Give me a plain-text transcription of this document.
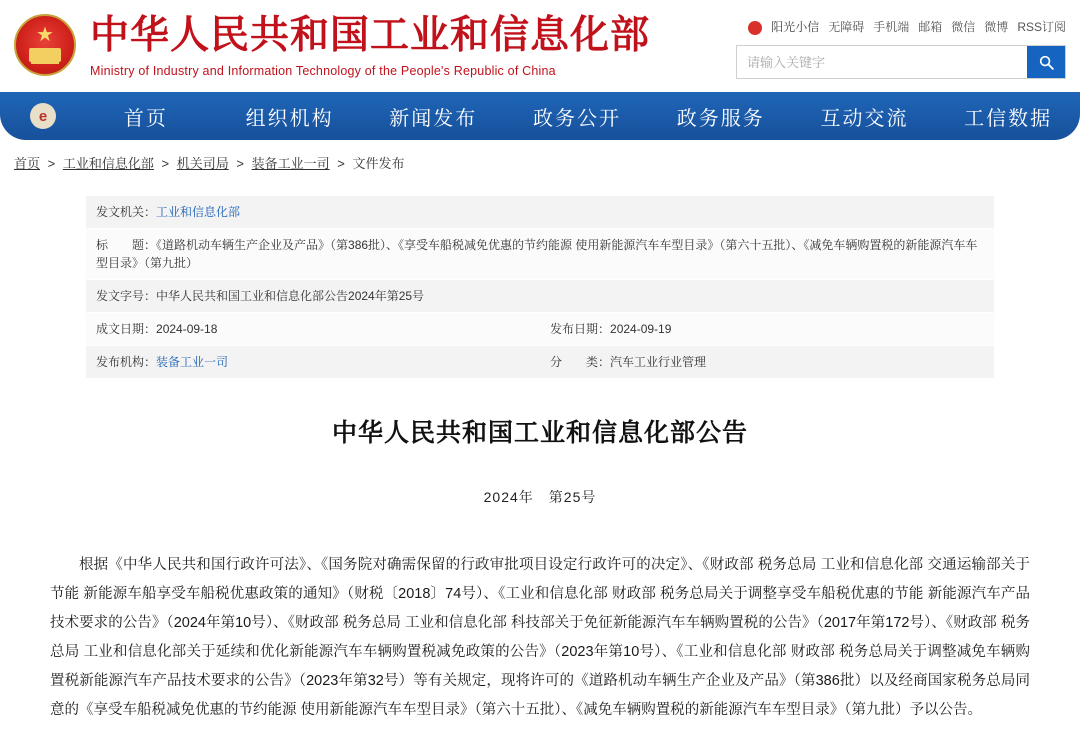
★
中华人民共和国工业和信息化部
Ministry of Industry and Information Technology of the People's Republic of China
阳光小信 无障碍 手机端 邮箱 微信 微博 RSS订阅
请输入关键字
e	首页	组织机构	新闻发布	政务公开	政务服务	互动交流	工信数据
首页 > 工业和信息化部 > 机关司局 > 装备工业一司 > 文件发布
发文机关：工业和信息化部	
标　　题：《道路机动车辆生产企业及产品》（第386批）、《享受车船税减免优惠的节约能源 使用新能源汽车车型目录》（第六十五批）、《减免车辆购置税的新能源汽车车型目录》（第九批）	
发文字号：中华人民共和国工业和信息化部公告2024年第25号	
成文日期：2024-09-18	发布日期：2024-09-19
发布机构：装备工业一司	分　　类：汽车工业行业管理
中华人民共和国工业和信息化部公告
2024年　第25号
根据《中华人民共和国行政许可法》、《国务院对确需保留的行政审批项目设定行政许可的决定》、《财政部 税务总局 工业和信息化部 交通运输部关于节能 新能源车船享受车船税优惠政策的通知》（财税〔2018〕74号）、《工业和信息化部 财政部 税务总局关于调整享受车船税优惠的节能 新能源汽车产品技术要求的公告》（2024年第10号）、《财政部 税务总局 工业和信息化部 科技部关于免征新能源汽车车辆购置税的公告》（2017年第172号）、《财政部 税务总局 工业和信息化部关于延续和优化新能源汽车车辆购置税减免政策的公告》（2023年第10号）、《工业和信息化部 财政部 税务总局关于调整减免车辆购置税新能源汽车产品技术要求的公告》（2023年第32号）等有关规定，现将许可的《道路机动车辆生产企业及产品》（第386批）以及经商国家税务总局同意的《享受车船税减免优惠的节约能源 使用新能源汽车车型目录》（第六十五批）、《减免车辆购置税的新能源汽车车型目录》（第九批）予以公告。
